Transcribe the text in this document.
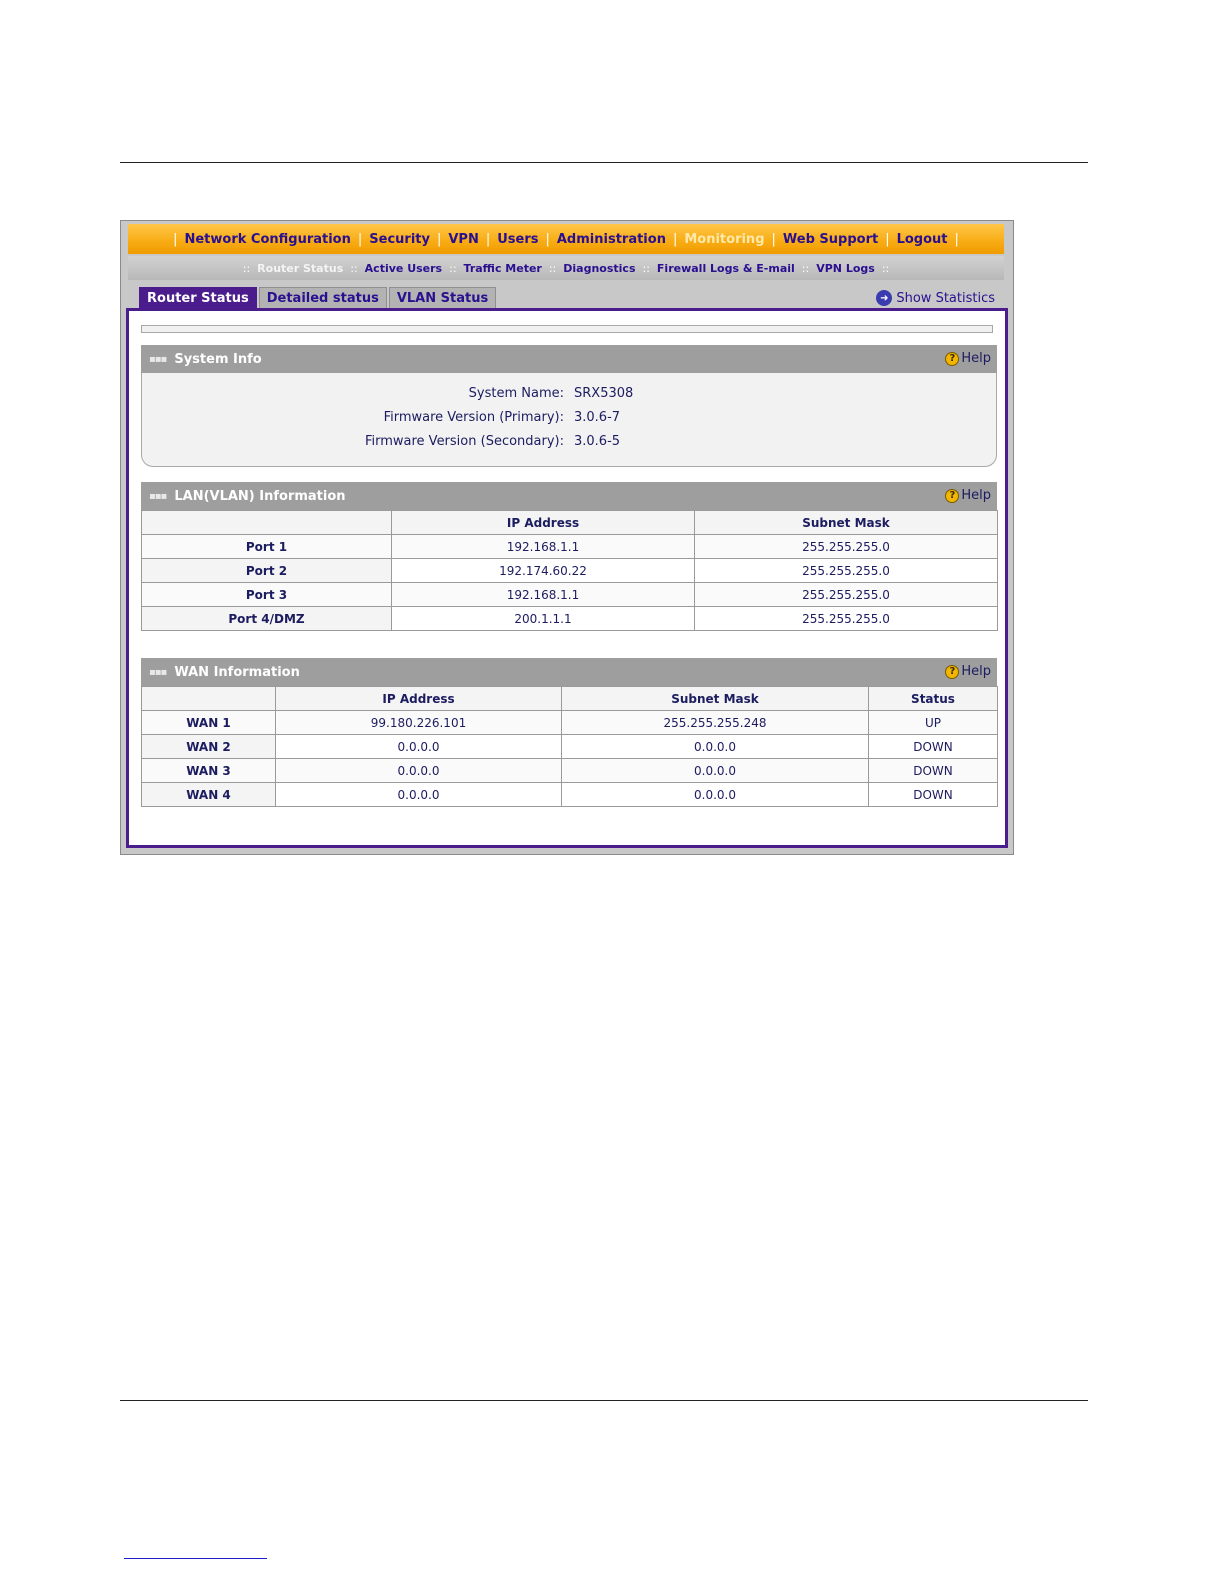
| Network Configuration | Security | VPN | Users | Administration | Monitoring | Web Support | Logout |
:: Router Status :: Active Users :: Traffic Meter :: Diagnostics :: Firewall Logs & E-mail :: VPN Logs ::
Router Status	Detailed status	VLAN Status	➜ Show Statistics
▪▪▪ System Info	? Help
System Name: SRX5308
Firmware Version (Primary): 3.0.6-7
Firmware Version (Secondary): 3.0.6-5
▪▪▪ LAN(VLAN) Information	? Help
	IP Address	Subnet Mask
Port 1	192.168.1.1	255.255.255.0
Port 2	192.174.60.22	255.255.255.0
Port 3	192.168.1.1	255.255.255.0
Port 4/DMZ	200.1.1.1	255.255.255.0
▪▪▪ WAN Information	? Help
	IP Address	Subnet Mask	Status
WAN 1	99.180.226.101	255.255.255.248	UP
WAN 2	0.0.0.0	0.0.0.0	DOWN
WAN 3	0.0.0.0	0.0.0.0	DOWN
WAN 4	0.0.0.0	0.0.0.0	DOWN
